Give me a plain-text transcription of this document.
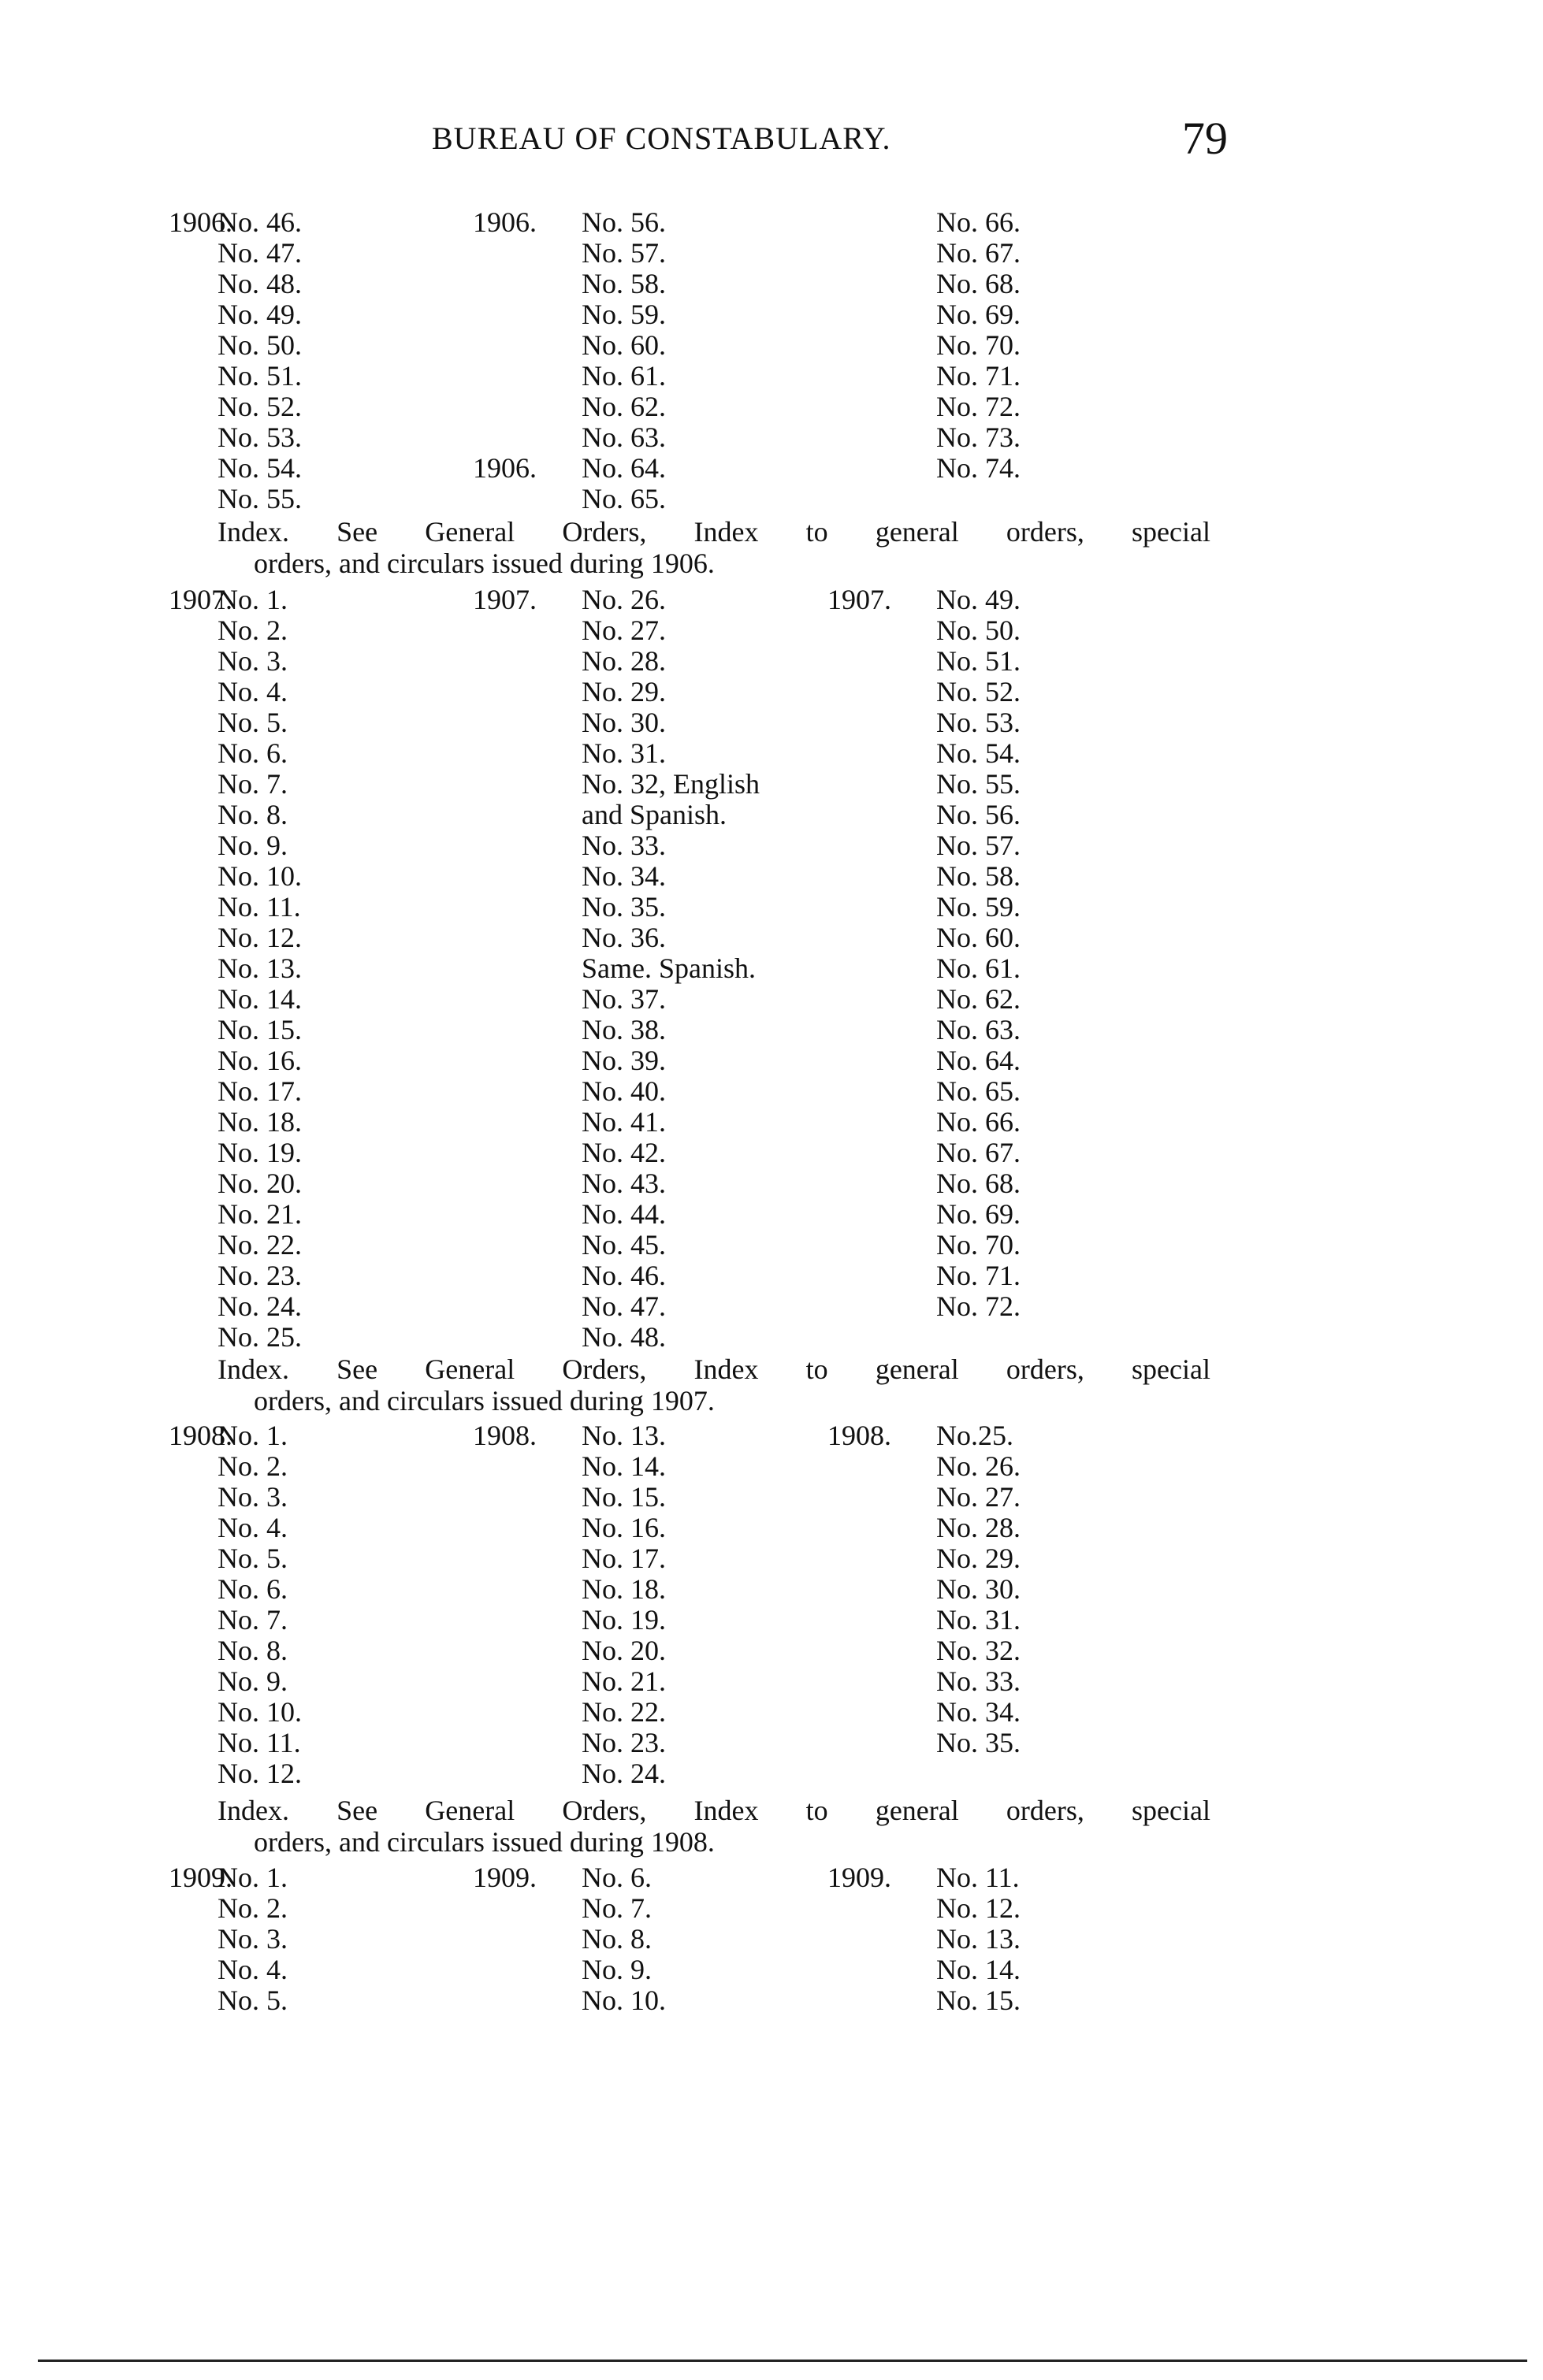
BUREAU OF CONSTABULARY.	79
1906.
No. 46.	1906. No. 56.	No. 66.
No. 47.	No. 57.	No. 67.
No. 48.	No. 58.	No. 68.
No. 49.	No. 59.	No. 69.
No. 50.	No. 60.	No. 70.
No. 51.	No. 61.	No. 71.
No. 52.	No. 62.	No. 72.
No. 53.	No. 63.	No. 73.
No. 54.	1906. No. 64.	No. 74.
No. 55.	No. 65.
Index. See General Orders, Index to general orders, special
orders, and circulars issued during 1906.
1907.
No. 1.	1907. No. 26.	1907. No. 49.
No. 2.	No. 27.	No. 50.
No. 3.	No. 28.	No. 51.
No. 4.	No. 29.	No. 52.
No. 5.	No. 30.	No. 53.
No. 6.	No. 31.	No. 54.
No. 7.	No. 32, English	No. 55.
No. 8.	and Spanish.	No. 56.
No. 9.	No. 33.	No. 57.
No. 10.	No. 34.	No. 58.
No. 11.	No. 35.	No. 59.
No. 12.	No. 36.	No. 60.
No. 13.	Same. Spanish.	No. 61.
No. 14.	No. 37.	No. 62.
No. 15.	No. 38.	No. 63.
No. 16.	No. 39.	No. 64.
No. 17.	No. 40.	No. 65.
No. 18.	No. 41.	No. 66.
No. 19.	No. 42.	No. 67.
No. 20.	No. 43.	No. 68.
No. 21.	No. 44.	No. 69.
No. 22.	No. 45.	No. 70.
No. 23.	No. 46.	No. 71.
No. 24.	No. 47.	No. 72.
No. 25.	No. 48.
Index. See General Orders, Index to general orders, special
orders, and circulars issued during 1907.
1908.
No. 1.	1908. No. 13.	1908. No.25.
No. 2.	No. 14.	No. 26.
No. 3.	No. 15.	No. 27.
No. 4.	No. 16.	No. 28.
No. 5.	No. 17.	No. 29.
No. 6.	No. 18.	No. 30.
No. 7.	No. 19.	No. 31.
No. 8.	No. 20.	No. 32.
No. 9.	No. 21.	No. 33.
No. 10.	No. 22.	No. 34.
No. 11.	No. 23.	No. 35.
No. 12.	No. 24.
Index. See General Orders, Index to general orders, special
orders, and circulars issued during 1908.
1909.
No. 1.	1909. No. 6.	1909. No. 11.
No. 2.	No. 7.	No. 12.
No. 3.	No. 8.	No. 13.
No. 4.	No. 9.	No. 14.
No. 5.	No. 10.	No. 15.
